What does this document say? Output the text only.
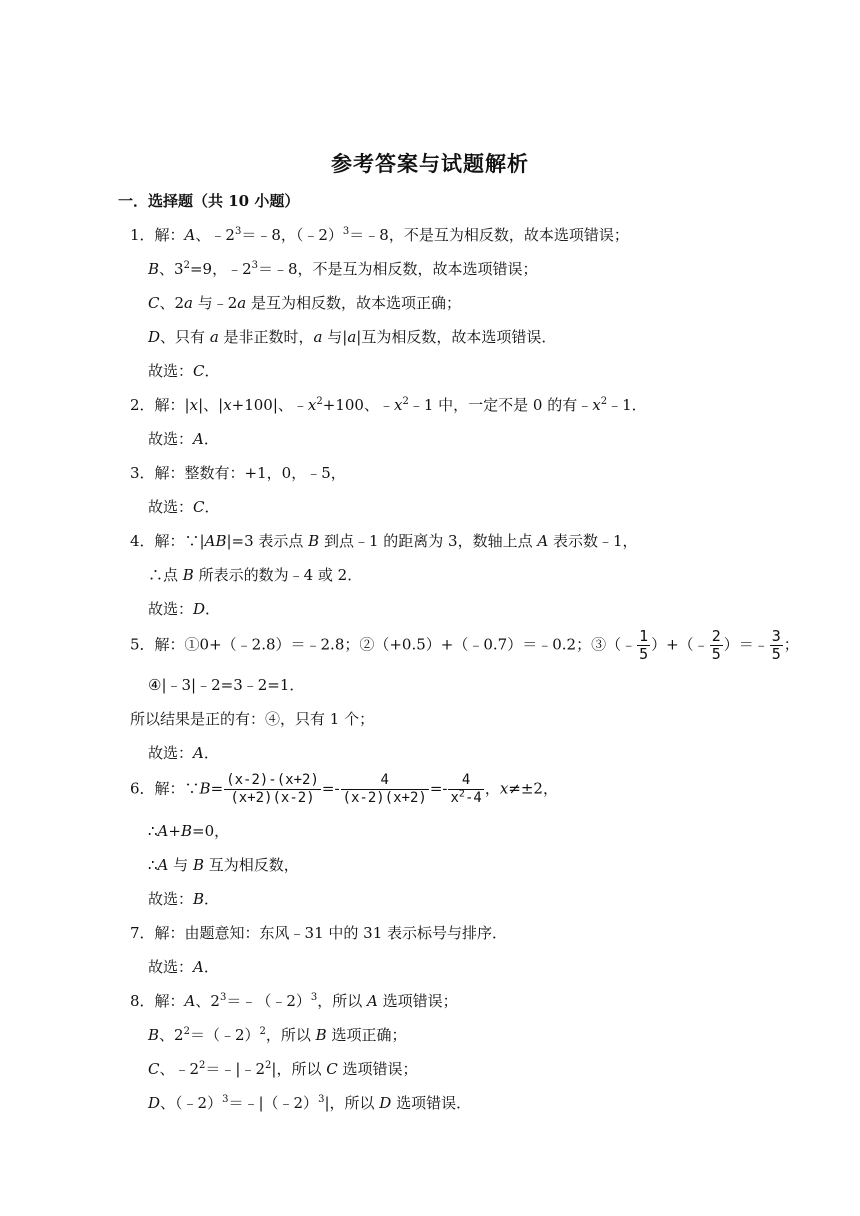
参考答案与试题解析
一．选择题（共 10 小题）
1．解：A、$﹣2^3=﹣8$，（﹣2）$^3$＝﹣8，不是互为相反数，故本选项错误；
B、$3^2=9$，$﹣2^3=﹣8$，不是互为相反数，故本选项错误；
C、2a 与﹣2a 是互为相反数，故本选项正确；
D、只有 a 是非正数时，a 与|a|互为相反数，故本选项错误．
故选：C．
2．解：|x|、|x+100|、$﹣x^2+100$、$﹣x^2﹣1$ 中，一定不是 0 的有$﹣x^2﹣1$．
故选：A．
3．解：整数有：+1，0，﹣5，
故选：C．
4．解：∵|AB|=3 表示点 B 到点﹣1 的距离为 3，数轴上点 A 表示数﹣1，
∴点 B 所表示的数为﹣4 或 2．
故选：D．
5．解：①0+（﹣2.8）＝﹣2.8；②（+0.5）+（﹣0.7）＝﹣0.2；③（﹣ $\frac{1}{5}$ ）+（﹣ $\frac{2}{5}$ ）＝﹣ $\frac{3}{5}$ ；
④|﹣3|﹣2=3﹣2=1．
所以结果是正的有：④，只有 1 个；
故选：A．
6．解：∵B= $\frac{(x-2)-(x+2)}{(x+2)(x-2)} =- \frac{4}{(x-2)(x+2)} =- \frac{4}{x^2-4}$ ，x≠±2，
∴A+B=0，
∴A 与 B 互为相反数，
故选：B．
7．解：由题意知：东风﹣31 中的 31 表示标号与排序．
故选：A．
8．解：A、$2^3=﹣(﹣2)^3$，所以 A 选项错误；
B、$2^2=(﹣2)^2$，所以 B 选项正确；
C、$﹣2^2=﹣|﹣2^2|$，所以 C 选项错误；
D、（﹣2）$^3$＝﹣|（﹣2）$^3$|，所以 D 选项错误．
